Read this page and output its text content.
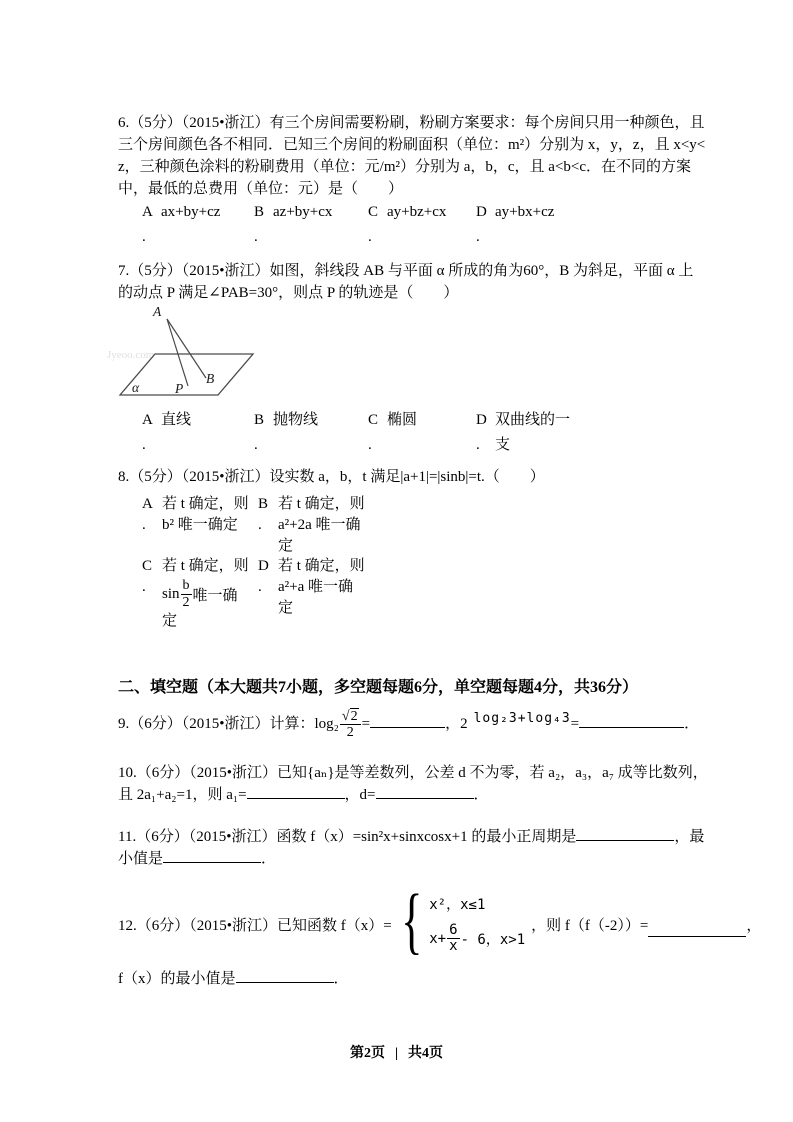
6.（5分）（2015•浙江）有三个房间需要粉刷，粉刷方案要求：每个房间只用一种颜色，且
三个房间颜色各不相同．已知三个房间的粉刷面积（单位：m²）分别为 x，y，z，且 x<y<
z，三种颜色涂料的粉刷费用（单位：元/m²）分别为 a，b，c，且 a<b<c．在不同的方案
中，最低的总费用（单位：元）是（　　）
A
.
ax+by+cz B
.
az+by+cx C
.
ay+bz+cx D
.
ay+bx+cz
7.（5分）（2015•浙江）如图，斜线段 AB 与平面 α 所成的角为60°，B 为斜足，平面 α 上
的动点 P 满足∠PAB=30°，则点 P 的轨迹是（　　）
Jyeoo.com
A
α	P
B
A
.
直线	B
.
抛物线	C
.
椭圆	D
.
双曲线的一支
8.（5分）（2015•浙江）设实数 a，b，t 满足|a+1|=|sinb|=t.（　　）
A
.
若 t 确定，则
b² 唯一确定
B
.
若 t 确定，则
a²+2a 唯一确
定
C
.
若 t 确定，则
$\sin \frac{b}{2}$ 唯一确
定
D
.
若 t 确定，则
a²+a 唯一确
定
二、填空题（本大题共7小题，多空题每题6分，单空题每题4分，共36分）
9.（6分）（2015•浙江）计算：$\log_2 \frac{√2}{2}$ =	，2 log₂3+log₄3=	．
10.（6分）（2015•浙江）已知{aₙ}是等差数列，公差 d 不为零，若 a₂，a₃，a₇ 成等比数列，
且 2a₁+a₂=1，则 a₁=	，d=	．
11.（6分）（2015•浙江）函数 f（x）=sin²x+sinxcosx+1 的最小正周期是	，最
小值是	．
12.（6分）（2015•浙江）已知函数 f（x）= { x²，x≤1
$x+ \frac{6}{x} - 6$，x>1
，则 f（f（-2））=	，
f（x）的最小值是	．
第2页 | 共4页
